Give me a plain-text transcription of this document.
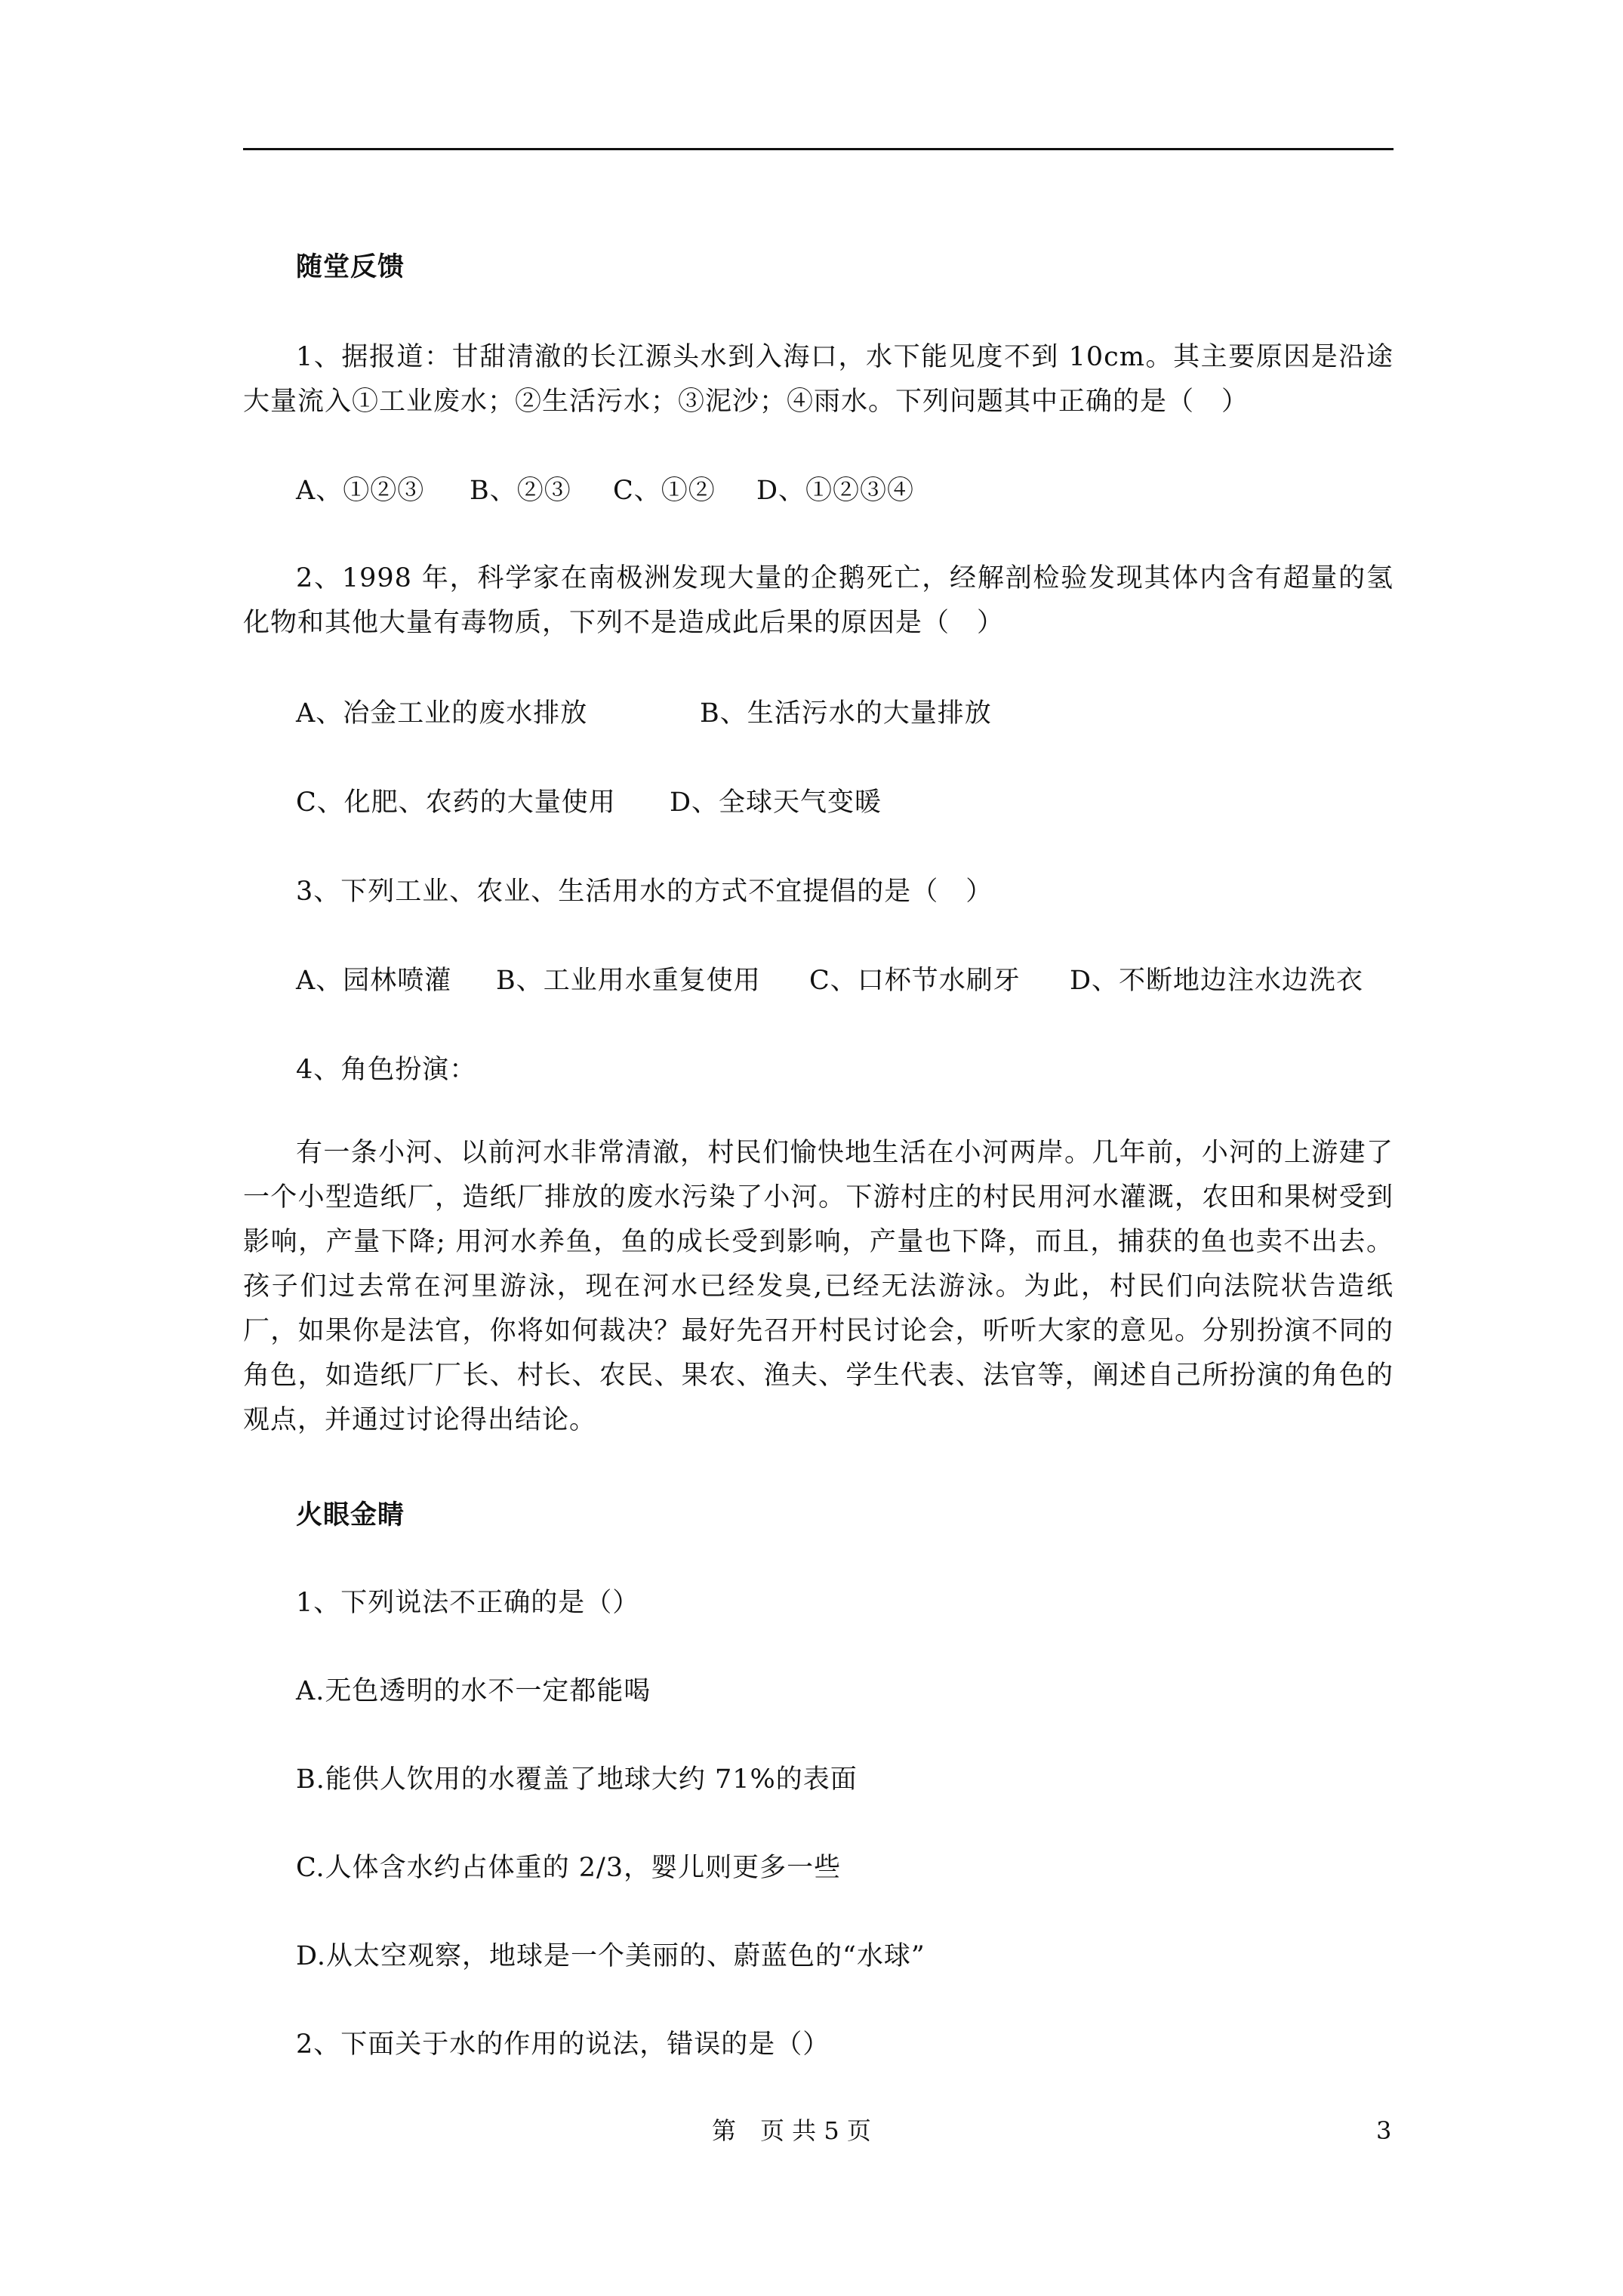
随堂反馈
1、据报道：甘甜清澈的长江源头水到入海口，水下能见度不到 10cm。其主要原因是沿途大量流入①工业废水；②生活污水；③泥沙；④雨水。下列问题其中正确的是（　）
A、①②③ B、②③ C、①② D、①②③④
2、1998 年，科学家在南极洲发现大量的企鹅死亡，经解剖检验发现其体内含有超量的氢化物和其他大量有毒物质，下列不是造成此后果的原因是（　）
A、冶金工业的废水排放	B、生活污水的大量排放
C、化肥、农药的大量使用 D、全球天气变暖
3、下列工业、农业、生活用水的方式不宜提倡的是（　）
A、园林喷灌 B、工业用水重复使用 C、口杯节水刷牙 D、不断地边注水边洗衣
4、角色扮演：
有一条小河、以前河水非常清澈，村民们愉快地生活在小河两岸。几年前，小河的上游建了一个小型造纸厂，造纸厂排放的废水污染了小河。下游村庄的村民用河水灌溉，农田和果树受到影响，产量下降; 用河水养鱼，鱼的成长受到影响，产量也下降，而且，捕获的鱼也卖不出去。孩子们过去常在河里游泳，现在河水已经发臭,已经无法游泳。为此，村民们向法院状告造纸厂，如果你是法官，你将如何裁决？最好先召开村民讨论会，听听大家的意见。分别扮演不同的角色，如造纸厂厂长、村长、农民、果农、渔夫、学生代表、法官等，阐述自己所扮演的角色的观点，并通过讨论得出结论。
火眼金睛
1、下列说法不正确的是（）
A.无色透明的水不一定都能喝
B.能供人饮用的水覆盖了地球大约 71%的表面
C.人体含水约占体重的 2/3，婴儿则更多一些
D.从太空观察，地球是一个美丽的、蔚蓝色的“水球”
2、下面关于水的作用的说法，错误的是（）
第　页 共 5 页	3
